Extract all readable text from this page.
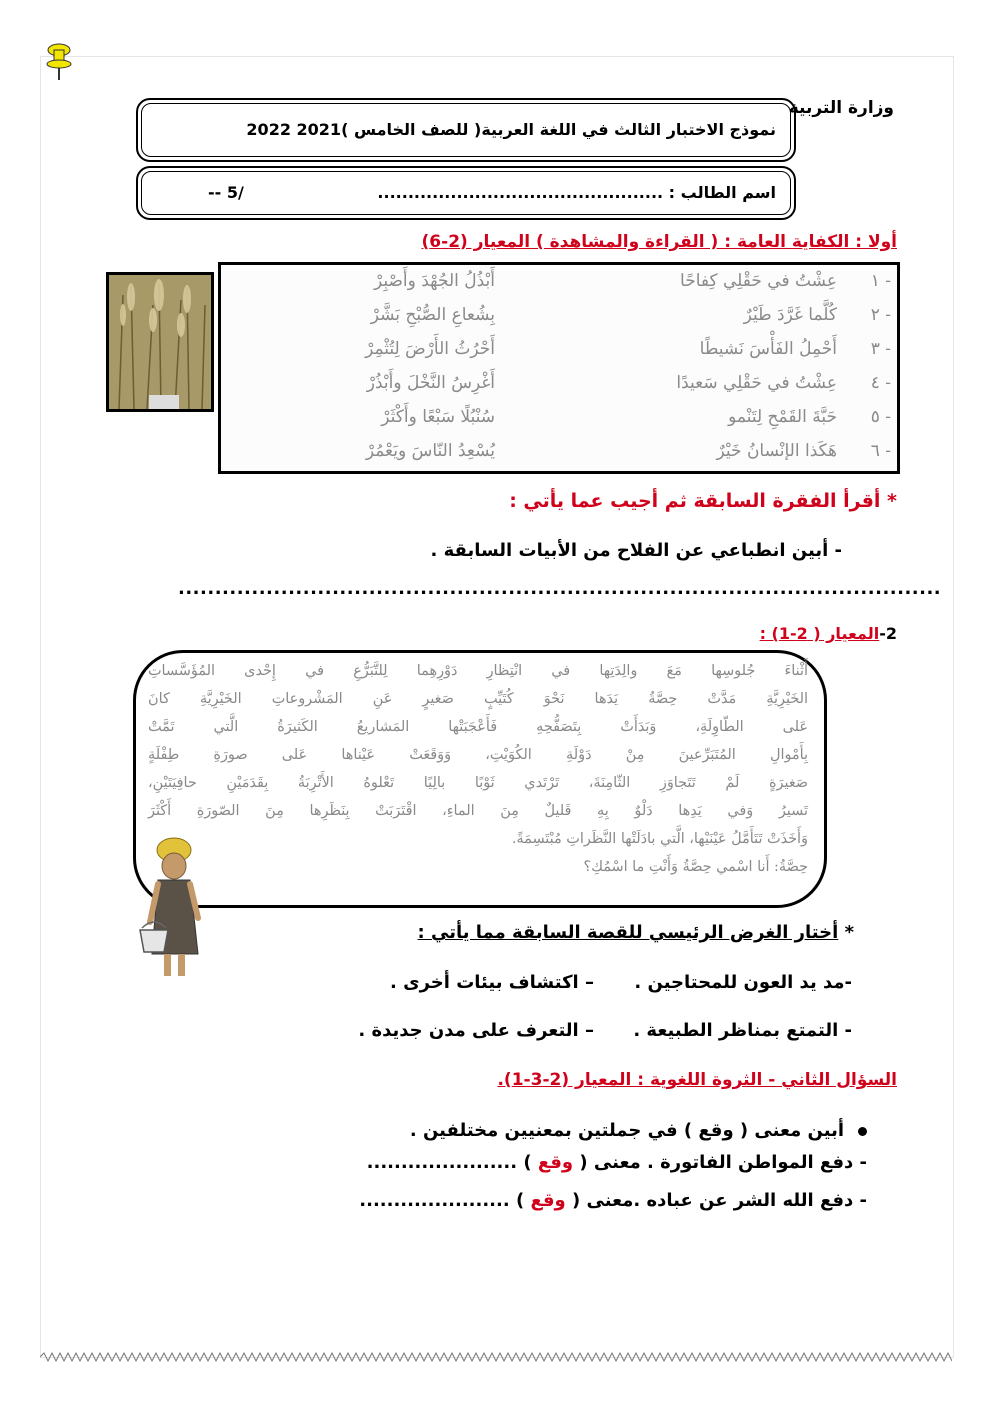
وزارة التربية
نموذج الاختبار الثالث في اللغة العربية( للصف الخامس )2021 2022
اسم الطالب : ...............................................
-- 5/
أولا : الكفاية العامة : ( القراءة والمشاهدة ) المعيار (2-6)
١ -
عِشْتُ في حَقْلِي كِفاحًا
أَبْذُلُ الجُهْدَ وأَصْبِرْ
٢ -
كُلَّما غَرَّدَ طَيْرٌ
بِشُعاعِ الصُّبْحِ بَشَّرْ
٣ -
أَحْمِلُ الفَأْسَ نَشيطًا
أَحْرُثُ الأَرْضَ لِتُثْمِرْ
٤ -
عِشْتُ في حَقْلِي سَعيدًا
أَغْرِسُ النَّخْلَ وأَبْذُرْ
٥ -
حَبَّةَ القَمْحِ لِتَنْمو
سُنْبُلًا سَبْعًا وأَكْثَرْ
٦ -
هَكَذا الإنْسانُ خَيْرٌ
يُسْعِدُ النّاسَ ويَعْمُرْ
* أقرأ الفقرة السابقة ثم أجيب عما يأتي :
- أبين انطباعي عن الفلاح من الأبيات السابقة .
........................................................................................................
2-المعيار ( 2-1) :
أَثْناءَ جُلوسِها مَعَ والِدَتِها في انْتِظارِ دَوْرِهِما لِلتَّبَرُّعِ في إِحْدى المُؤَسَّساتِ
الخَيْرِيَّةِ مَدَّتْ حِصَّةُ يَدَها نَحْوَ كُتَيِّبٍ صَغيرٍ عَنِ المَشْروعاتِ الخَيْرِيَّةِ كانَ
عَلى الطّاوِلَةِ، وَبَدَأَتْ بِتَصَفُّحِهِ فَأَعْجَبَتْها المَشاريعُ الكَثيرَةُ الَّتي تَمَّتْ
بِأَمْوالِ المُتَبَرِّعينَ مِنْ دَوْلَةِ الكُوَيْتِ، وَوَقَعَتْ عَيْناها عَلى صورَةِ طِفْلَةٍ
صَغيرَةٍ لَمْ تَتَجاوَزِ الثّامِنَةَ، تَرْتَدي ثَوْبًا بالِيًا تَعْلوهُ الأَتْرِبَةُ بِقَدَمَيْنِ حافِيَتَيْنِ،
تَسيرُ وَفي يَدِها دَلْوٌ بِهِ قَليلٌ مِنَ الماءِ، اقْتَرَبَتْ بِنَظَرِها مِنَ الصّورَةِ أَكْثَرَ
وَأَخَذَتْ تَتَأَمَّلُ عَيْنَيْها، الَّتي بادَلَتْها النَّظَراتِ مُبْتَسِمَةً.
حِصَّةُ: أَنا اسْمي حِصَّةُ وَأَنْتِ ما اسْمُكِ؟
* أختار الغرض الرئيسي للقصة السابقة مما يأتي :
-مد يد العون للمحتاجين .
– اكتشاف بيئات أخرى .
- التمتع بمناظر الطبيعة .
– التعرف على مدن جديدة .
السؤال الثاني - الثروة اللغوية : المعيار (2-3-1).
أبين معنى ( وقع ) في جملتين بمعنيين مختلفين .
- دفع المواطن الفاتورة . معنى ( وقع ) ......................
- دفع الله الشر عن عباده .معنى ( وقع ) ......................
